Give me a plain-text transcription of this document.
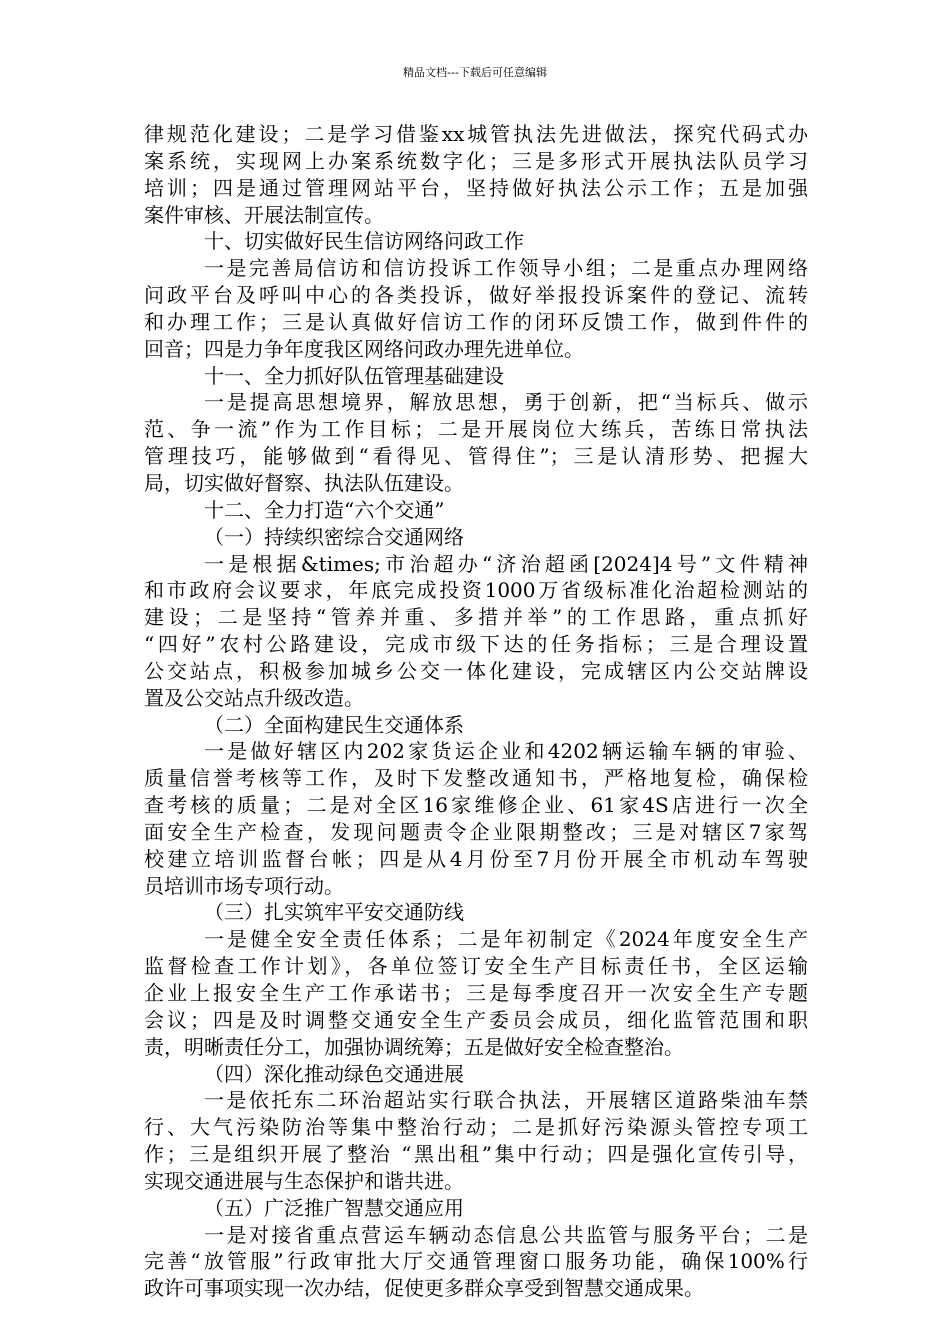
精品文档---下载后可任意编辑
律规范化建设；二是学习借鉴xx城管执法先进做法，探究代码式办
案系统，实现网上办案系统数字化；三是多形式开展执法队员学习
培训；四是通过管理网站平台，坚持做好执法公示工作；五是加强
案件审核、开展法制宣传。
十、切实做好民生信访网络问政工作
一是完善局信访和信访投诉工作领导小组；二是重点办理网络
问政平台及呼叫中心的各类投诉，做好举报投诉案件的登记、流转
和办理工作；三是认真做好信访工作的闭环反馈工作，做到件件的
回音；四是力争年度我区网络问政办理先进单位。
十一、全力抓好队伍管理基础建设
一是提高思想境界，解放思想，勇于创新，把“当标兵、做示
范、争一流”作为工作目标；二是开展岗位大练兵，苦练日常执法
管理技巧，能够做到“看得见、管得住”；三是认清形势、把握大
局，切实做好督察、执法队伍建设。
十二、全力打造“六个交通”
（一）持续织密综合交通网络
一是根据&times;市治超办“济治超函[2024]4号”文件精神
和市政府会议要求，年底完成投资1000万省级标准化治超检测站的
建设；二是坚持“管养并重、多措并举”的工作思路，重点抓好
“四好”农村公路建设，完成市级下达的任务指标；三是合理设置
公交站点，积极参加城乡公交一体化建设，完成辖区内公交站牌设
置及公交站点升级改造。
（二）全面构建民生交通体系
一是做好辖区内202家货运企业和4202辆运输车辆的审验、
质量信誉考核等工作，及时下发整改通知书，严格地复检，确保检
查考核的质量；二是对全区16家维修企业、61家4S店进行一次全
面安全生产检查，发现问题责令企业限期整改；三是对辖区7家驾
校建立培训监督台帐；四是从4月份至7月份开展全市机动车驾驶
员培训市场专项行动。
（三）扎实筑牢平安交通防线
一是健全安全责任体系；二是年初制定《2024年度安全生产
监督检查工作计划》，各单位签订安全生产目标责任书，全区运输
企业上报安全生产工作承诺书；三是每季度召开一次安全生产专题
会议；四是及时调整交通安全生产委员会成员，细化监管范围和职
责，明晰责任分工，加强协调统筹；五是做好安全检查整治。
（四）深化推动绿色交通进展
一是依托东二环治超站实行联合执法，开展辖区道路柴油车禁
行、大气污染防治等集中整治行动；二是抓好污染源头管控专项工
作；三是组织开展了整治 “黑出租”集中行动；四是强化宣传引导，
实现交通进展与生态保护和谐共进。
（五）广泛推广智慧交通应用
一是对接省重点营运车辆动态信息公共监管与服务平台；二是
完善“放管服”行政审批大厅交通管理窗口服务功能，确保100%行
政许可事项实现一次办结，促使更多群众享受到智慧交通成果。
